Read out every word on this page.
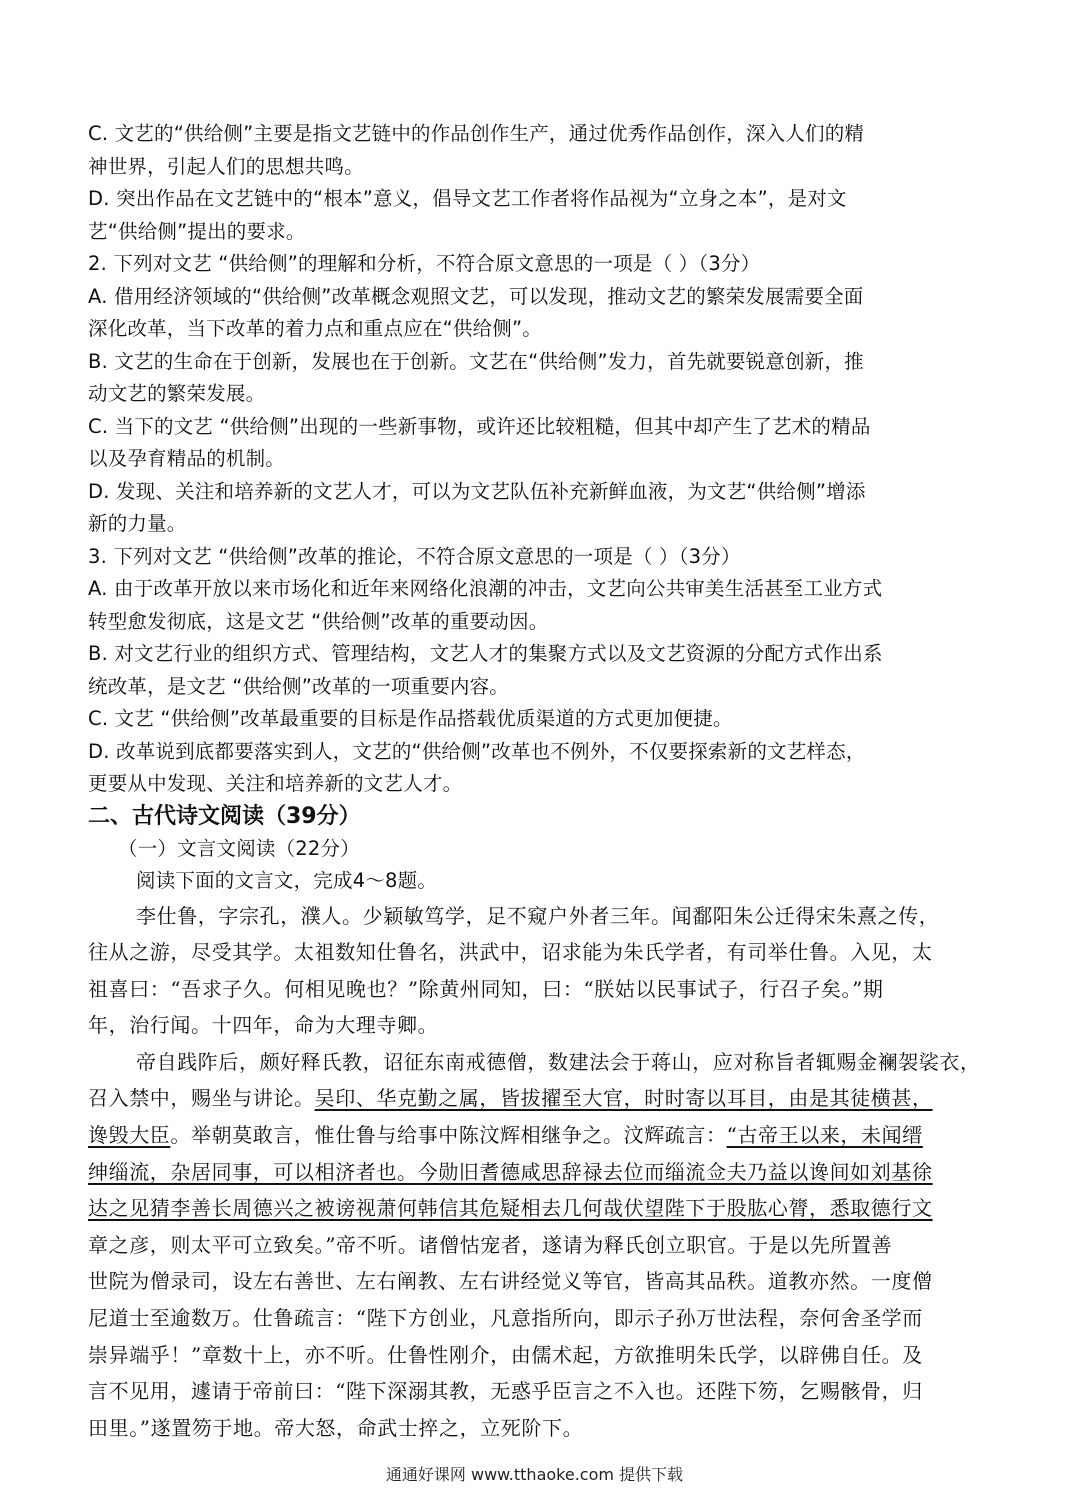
C. 文艺的“供给侧”主要是指文艺链中的作品创作生产，通过优秀作品创作，深入人们的精

神世界，引起人们的思想共鸣。

D. 突出作品在文艺链中的“根本”意义，倡导文艺工作者将作品视为“立身之本”，是对文

艺“供给侧”提出的要求。

2. 下列对文艺 “供给侧”的理解和分析，不符合原文意思的一项是（ ）（3分）

A. 借用经济领域的“供给侧”改革概念观照文艺，可以发现，推动文艺的繁荣发展需要全面

深化改革，当下改革的着力点和重点应在“供给侧”。

B. 文艺的生命在于创新，发展也在于创新。文艺在“供给侧”发力，首先就要锐意创新，推

动文艺的繁荣发展。

C. 当下的文艺 “供给侧”出现的一些新事物，或许还比较粗糙，但其中却产生了艺术的精品

以及孕育精品的机制。

D. 发现、关注和培养新的文艺人才，可以为文艺队伍补充新鲜血液，为文艺“供给侧”增添

新的力量。

3. 下列对文艺 “供给侧”改革的推论，不符合原文意思的一项是（ ）（3分）

A. 由于改革开放以来市场化和近年来网络化浪潮的冲击，文艺向公共审美生活甚至工业方式

转型愈发彻底，这是文艺 “供给侧”改革的重要动因。

B. 对文艺行业的组织方式、管理结构，文艺人才的集聚方式以及文艺资源的分配方式作出系

统改革，是文艺 “供给侧”改革的一项重要内容。

C. 文艺 “供给侧”改革最重要的目标是作品搭载优质渠道的方式更加便捷。

D. 改革说到底都要落实到人，文艺的“供给侧”改革也不例外，不仅要探索新的文艺样态，

更要从中发现、关注和培养新的文艺人才。

二、古代诗文阅读（39分）

（一）文言文阅读（22分）

阅读下面的文言文，完成4～8题。

李仕鲁，字宗孔，濮人。少颖敏笃学，足不窥户外者三年。闻鄱阳朱公迁得宋朱熹之传，

往从之游，尽受其学。太祖数知仕鲁名，洪武中，诏求能为朱氏学者，有司举仕鲁。入见，太

祖喜曰：“吾求子久。何相见晚也？”除黄州同知，曰：“朕姑以民事试子，行召子矣。”期

年，治行闻。十四年，命为大理寺卿。

帝自践阼后，颇好释氏教，诏征东南戒德僧，数建法会于蒋山，应对称旨者辄赐金襕袈裟衣，

召入禁中，赐坐与讲论。吴印、华克勤之属，皆拔擢至大官，时时寄以耳目，由是其徒横甚，

谗毁大臣。举朝莫敢言，惟仕鲁与给事中陈汶辉相继争之。汶辉疏言：“古帝王以来，未闻缙

绅缁流，杂居同事，可以相济者也。今勋旧耆德咸思辞禄去位而缁流佥夫乃益以谗间如刘基徐

达之见猜李善长周德兴之被谤视萧何韩信其危疑相去几何哉伏望陛下于股肱心膂，悉取德行文

章之彦，则太平可立致矣。”帝不听。诸僧怙宠者，遂请为释氏创立职官。于是以先所置善

世院为僧录司，设左右善世、左右阐教、左右讲经觉义等官，皆高其品秩。道教亦然。一度僧

尼道士至逾数万。仕鲁疏言：“陛下方创业，凡意指所向，即示子孙万世法程，奈何舍圣学而

崇异端乎！”章数十上，亦不听。仕鲁性刚介，由儒术起，方欲推明朱氏学，以辟佛自任。及

言不见用，遽请于帝前曰：“陛下深溺其教，无惑乎臣言之不入也。还陛下笏，乞赐骸骨，归

田里。”遂置笏于地。帝大怒，命武士捽之，立死阶下。

通通好课网 www.tthaoke.com 提供下载
